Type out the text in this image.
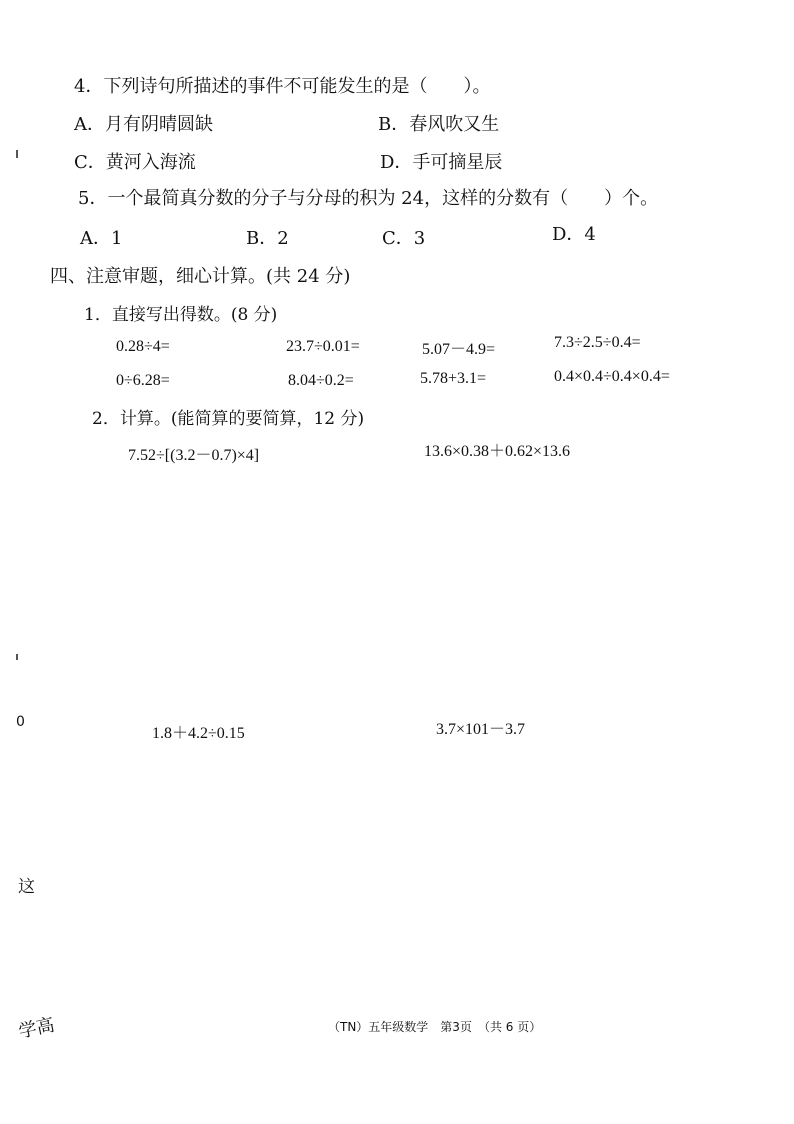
4．下列诗句所描述的事件不可能发生的是（　　）。
A．月有阴晴圆缺	B．春风吹又生
C．黄河入海流	D．手可摘星辰
5．一个最简真分数的分子与分母的积为 24，这样的分数有（　　）个。
A．1	B．2	C．3	D．4
四、注意审题，细心计算。(共 24 分)
1．直接写出得数。(8 分)
0.28÷4=	23.7÷0.01=	5.07－4.9=	7.3÷2.5÷0.4=
0÷6.28=	8.04÷0.2=	5.78+3.1=	0.4×0.4÷0.4×0.4=
2．计算。(能简算的要简算，12 分)
7.52÷[(3.2－0.7)×4]	13.6×0.38＋0.62×13.6
1.8＋4.2÷0.15	3.7×101－3.7
0
这
学高	（TN）五年级数学　第3页　（共 6 页）
